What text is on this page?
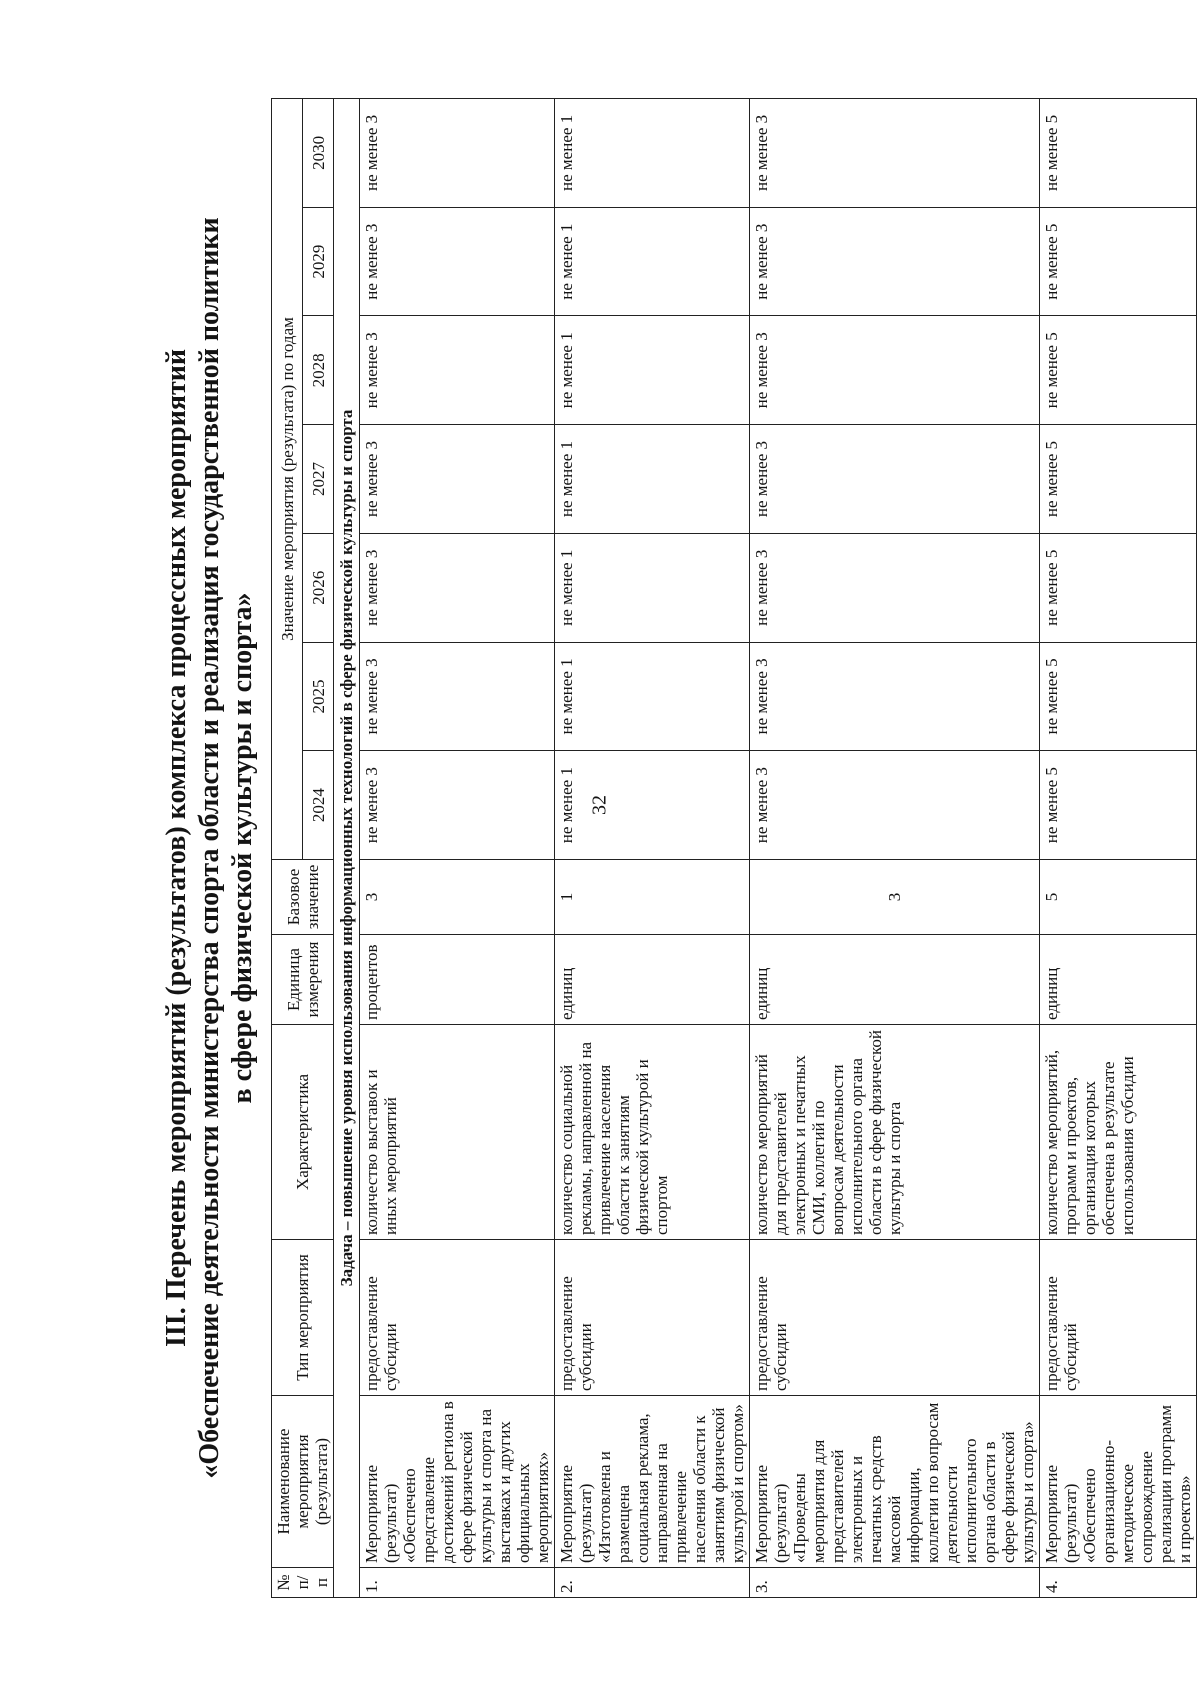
32
III. Перечень мероприятий (результатов) комплекса процессных мероприятий «Обеспечение деятельности министерства спорта области и реализация государственной политики в сфере физической культуры и спорта»
№ п/п	Наименование мероприятия (результата)	Тип мероприятия	Характеристика	Единица измерения	Базовое значение	Значение мероприятия (результата) по годам						
						2024	2025	2026	2027	2028	2029	2030
Задача – повышение уровня использования информационных технологий в сфере физической культуры и спорта												
1.	Мероприятие (результат) «Обеспечено представление достижений региона в сфере физической культуры и спорта на выставках и других официальных мероприятиях»	предоставление субсидии	количество выставок и иных мероприятий	процентов	3	не менее 3	не менее 3	не менее 3	не менее 3	не менее 3	не менее 3	не менее 3
2.	Мероприятие (результат) «Изготовлена и размещена социальная реклама, направленная на привлечение населения области к занятиям физической культурой и спортом»	предоставление субсидии	количество социальной рекламы, направленной на привлечение населения области к занятиям физической культурой и спортом	единиц	1	не менее 1	не менее 1	не менее 1	не менее 1	не менее 1	не менее 1	не менее 1
3.	Мероприятие (результат) «Проведены мероприятия для представителей электронных и печатных средств массовой информации, коллегии по вопросам деятельности исполнительного органа области в сфере физической культуры и спорта»	предоставление субсидии	количество мероприятий для представителей электронных и печатных СМИ, коллегий по вопросам деятельности исполнительного органа области в сфере физической культуры и спорта	единиц	3	не менее 3	не менее 3	не менее 3	не менее 3	не менее 3	не менее 3	не менее 3
4.	Мероприятие (результат) «Обеспечено организационно-методическое сопровождение реализации программ и проектов»	предоставление субсидий	количество мероприятий, программ и проектов, организация которых обеспечена в результате использования субсидии	единиц	5	не менее 5	не менее 5	не менее 5	не менее 5	не менее 5	не менее 5	не менее 5
